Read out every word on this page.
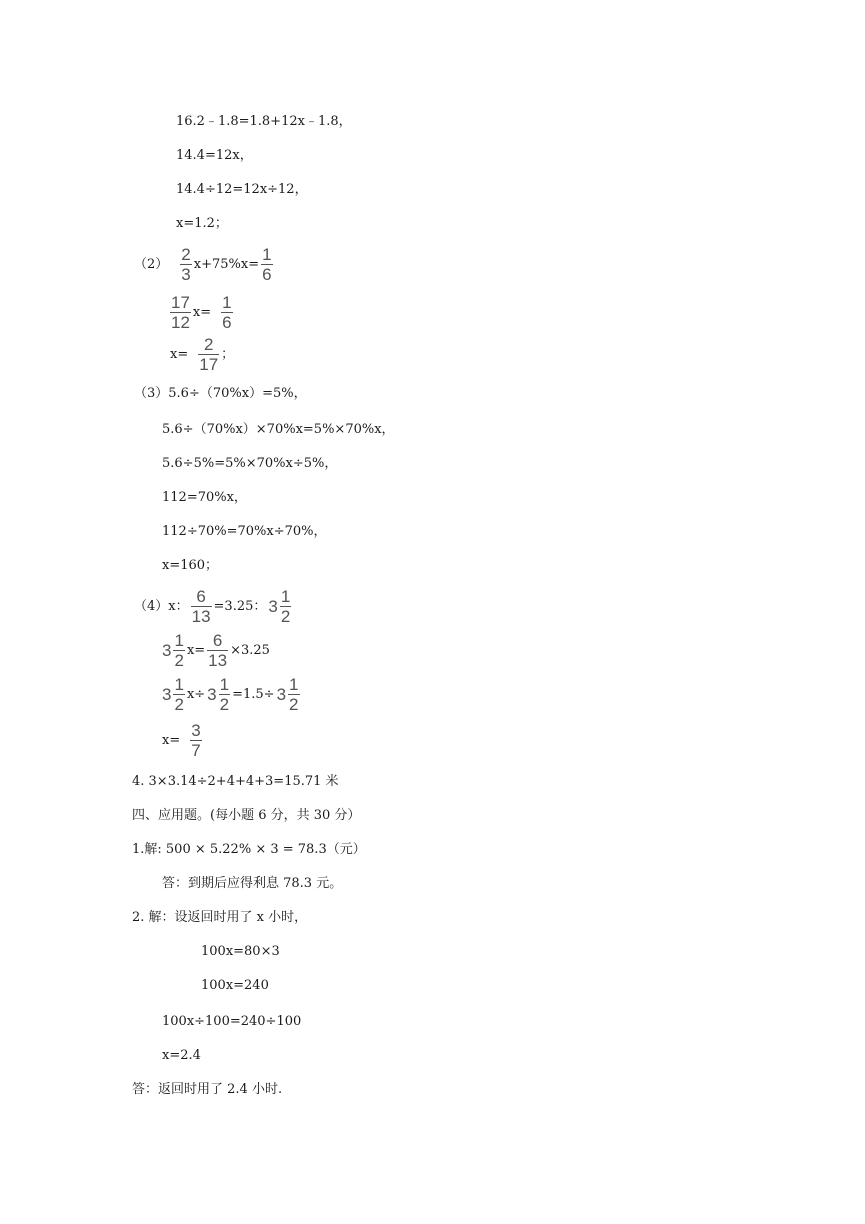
16.2﹣1.8=1.8+12x﹣1.8，
14.4=12x，
14.4÷12=12x÷12，
x=1.2；
$(2) \frac{2}{3} x+75\%x= \frac{1}{6}$
$\frac{17}{12} x= \frac{1}{6}$
$x= \frac{2}{17}$ ；
（3）5.6÷（70%x）=5%，
5.6÷（70%x）×70%x=5%×70%x，
5.6÷5%=5%×70%x÷5%，
112=70%x，
112÷70%=70%x÷70%，
x=160；
（4）x： $\frac{6}{13} =3.25$： $3 \frac{1}{2}$
$3 \frac{1}{2} x= \frac{6}{13} \times 3.25$
$3 \frac{1}{2} x\div 3 \frac{1}{2} =1.5\div 3 \frac{1}{2}$
$x= \frac{3}{7}$
4. 3×3.14÷2+4+4+3=15.71 米
四、应用题。(每小题 6 分，共 30 分）
1.解: 500 × 5.22% × 3 = 78.3（元）
答：到期后应得利息 78.3 元。
2. 解：设返回时用了 x 小时，
100x=80×3
100x=240
100x÷100=240÷100
x=2.4
答：返回时用了 2.4 小时.
